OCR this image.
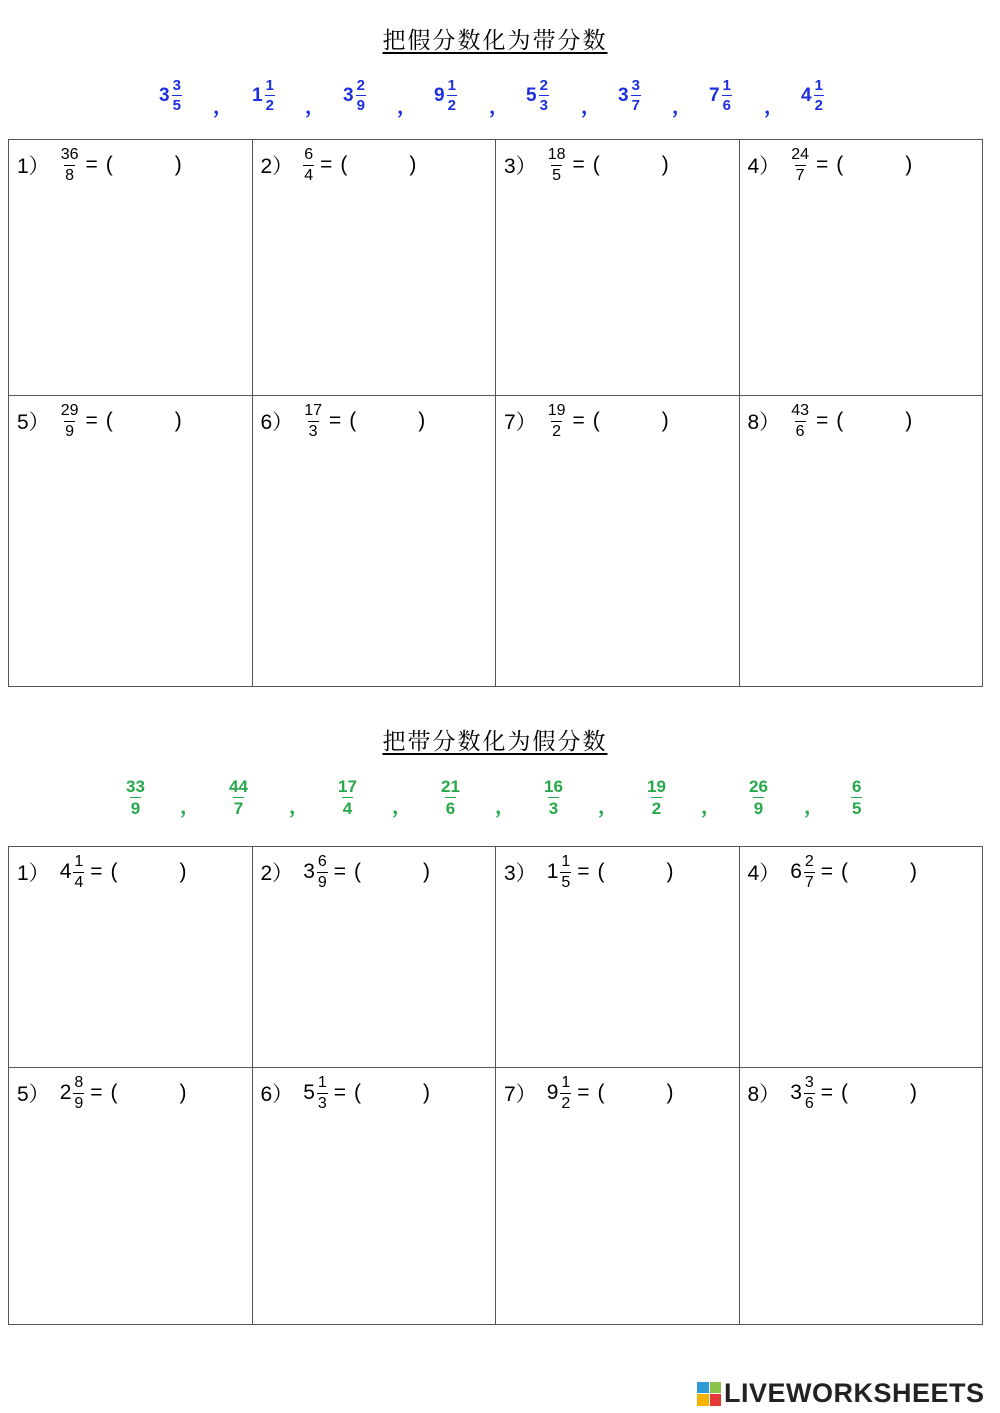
把假分数化为带分数
$3 \frac{3}{5}$ ，
$1 \frac{1}{2}$ ，
$3 \frac{2}{9}$ ，
$9 \frac{1}{2}$ ，
$5 \frac{2}{3}$ ，
$3 \frac{3}{7}$ ，
$7 \frac{1}{6}$ ，
$4 \frac{1}{2}$
$1) \frac{36}{8}$ = (	)	$2) \frac{6}{4}$ = (	)	$3) \frac{18}{5}$ = (	)	$4) \frac{24}{7}$ = (	)
$5) \frac{29}{9}$ = (	)	$6) \frac{17}{3}$ = (	)	$7) \frac{19}{2}$ = (	)	$8) \frac{43}{6}$ = (	)
把带分数化为假分数
$\frac{33}{9}$ ， $\frac{44}{7}$ ， $\frac{17}{4}$ ， $\frac{21}{6}$ ， $\frac{16}{3}$ ， $\frac{19}{2}$ ， $\frac{26}{9}$ ， $\frac{6}{5}$
1） $4 \frac{1}{4}$ = (	)	2） $3 \frac{6}{9}$ = (	)	3） $1 \frac{1}{5}$ = (	)	4） $6 \frac{2}{7}$ = (	)
5） $2 \frac{8}{9}$ = (	)	6） $5 \frac{1}{3}$ = (	)	7） $9 \frac{1}{2}$ = (	)	8） $3 \frac{3}{6}$ = (	)
LIVEWORKSHEETS
